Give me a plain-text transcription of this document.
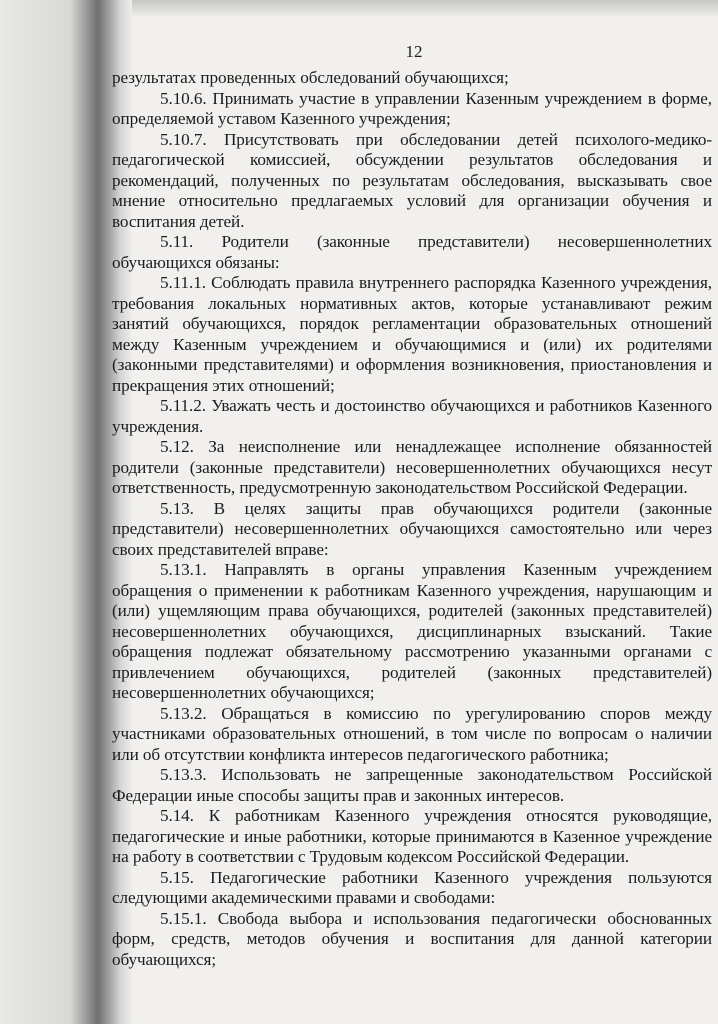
12

результатах проведенных обследований обучающихся;

5.10.6. Принимать участие в управлении Казенным учреждением в форме, определяемой уставом Казенного учреждения;

5.10.7. Присутствовать при обследовании детей психолого-медико-педагогической комиссией, обсуждении результатов обследования и рекомендаций, полученных по результатам обследования, высказывать свое мнение относительно предлагаемых условий для организации обучения и воспитания детей.

5.11. Родители (законные представители) несовершеннолетних обучающихся обязаны:

5.11.1. Соблюдать правила внутреннего распорядка Казенного учреждения, требования локальных нормативных актов, которые устанавливают режим занятий обучающихся, порядок регламентации образовательных отношений между Казенным учреждением и обучающимися и (или) их родителями (законными представителями) и оформления возникновения, приостановления и прекращения этих отношений;

5.11.2. Уважать честь и достоинство обучающихся и работников Казенного учреждения.

5.12. За неисполнение или ненадлежащее исполнение обязанностей родители (законные представители) несовершеннолетних обучающихся несут ответственность, предусмотренную законодательством Российской Федерации.

5.13. В целях защиты прав обучающихся родители (законные представители) несовершеннолетних обучающихся самостоятельно или через своих представителей вправе:

5.13.1. Направлять в органы управления Казенным учреждением обращения о применении к работникам Казенного учреждения, нарушающим и (или) ущемляющим права обучающихся, родителей (законных представителей) несовершеннолетних обучающихся, дисциплинарных взысканий. Такие обращения подлежат обязательному рассмотрению указанными органами с привлечением обучающихся, родителей (законных представителей) несовершеннолетних обучающихся;

5.13.2. Обращаться в комиссию по урегулированию споров между участниками образовательных отношений, в том числе по вопросам о наличии или об отсутствии конфликта интересов педагогического работника;

5.13.3. Использовать не запрещенные законодательством Российской Федерации иные способы защиты прав и законных интересов.

5.14. К работникам Казенного учреждения относятся руководящие, педагогические и иные работники, которые принимаются в Казенное учреждение на работу в соответствии с Трудовым кодексом Российской Федерации.

5.15. Педагогические работники Казенного учреждения пользуются следующими академическими правами и свободами:

5.15.1. Свобода выбора и использования педагогически обоснованных форм, средств, методов обучения и воспитания для данной категории обучающихся;
